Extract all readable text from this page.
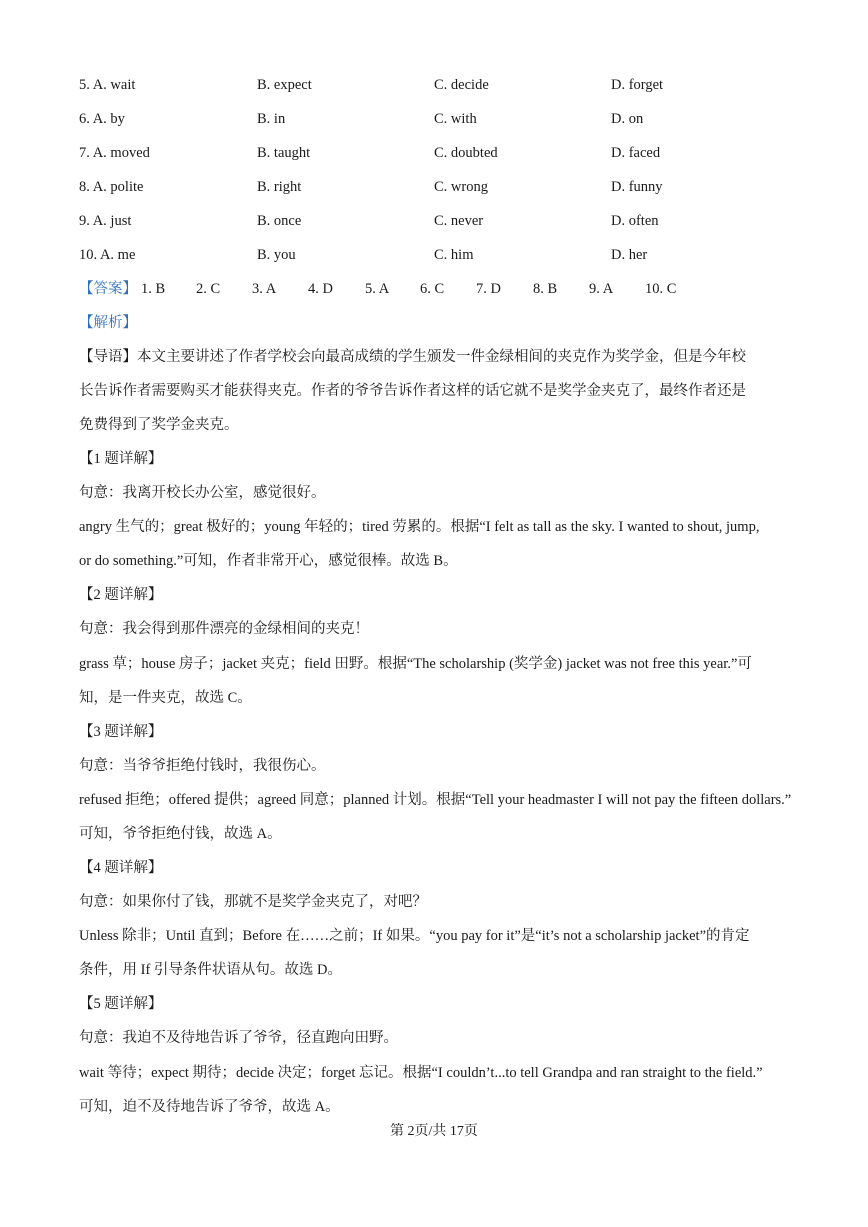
5. A. wait	B. expect	C. decide	D. forget
6. A. by	B. in	C. with	D. on
7. A. moved	B. taught	C. doubted	D. faced
8. A. polite	B. right	C. wrong	D. funny
9. A. just	B. once	C. never	D. often
10. A. me	B. you	C. him	D. her
【答案】 1. B 2. C 3. A 4. D 5. A 6. C 7. D 8. B 9. A 10. C
【解析】
【导语】本文主要讲述了作者学校会向最高成绩的学生颁发一件金绿相间的夹克作为奖学金，但是今年校
长告诉作者需要购买才能获得夹克。作者的爷爷告诉作者这样的话它就不是奖学金夹克了，最终作者还是
免费得到了奖学金夹克。
【1 题详解】
句意：我离开校长办公室，感觉很好。
angry 生气的；great 极好的；young 年轻的；tired 劳累的。根据“I felt as tall as the sky. I wanted to shout, jump,
or do something.”可知，作者非常开心，感觉很棒。故选 B。
【2 题详解】
句意：我会得到那件漂亮的金绿相间的夹克！
grass 草；house 房子；jacket 夹克；field 田野。根据“The scholarship (奖学金) jacket was not free this year.”可
知，是一件夹克，故选 C。
【3 题详解】
句意：当爷爷拒绝付钱时，我很伤心。
refused 拒绝；offered 提供；agreed 同意；planned 计划。根据“Tell your headmaster I will not pay the fifteen dollars.”
可知，爷爷拒绝付钱，故选 A。
【4 题详解】
句意：如果你付了钱，那就不是奖学金夹克了，对吧？
Unless 除非；Until 直到；Before 在……之前；If 如果。“you pay for it”是“it’s not a scholarship jacket”的肯定
条件，用 If 引导条件状语从句。故选 D。
【5 题详解】
句意：我迫不及待地告诉了爷爷，径直跑向田野。
wait 等待；expect 期待；decide 决定；forget 忘记。根据“I couldn’t...to tell Grandpa and ran straight to the field.”
可知，迫不及待地告诉了爷爷，故选 A。
第 2页/共 17页
